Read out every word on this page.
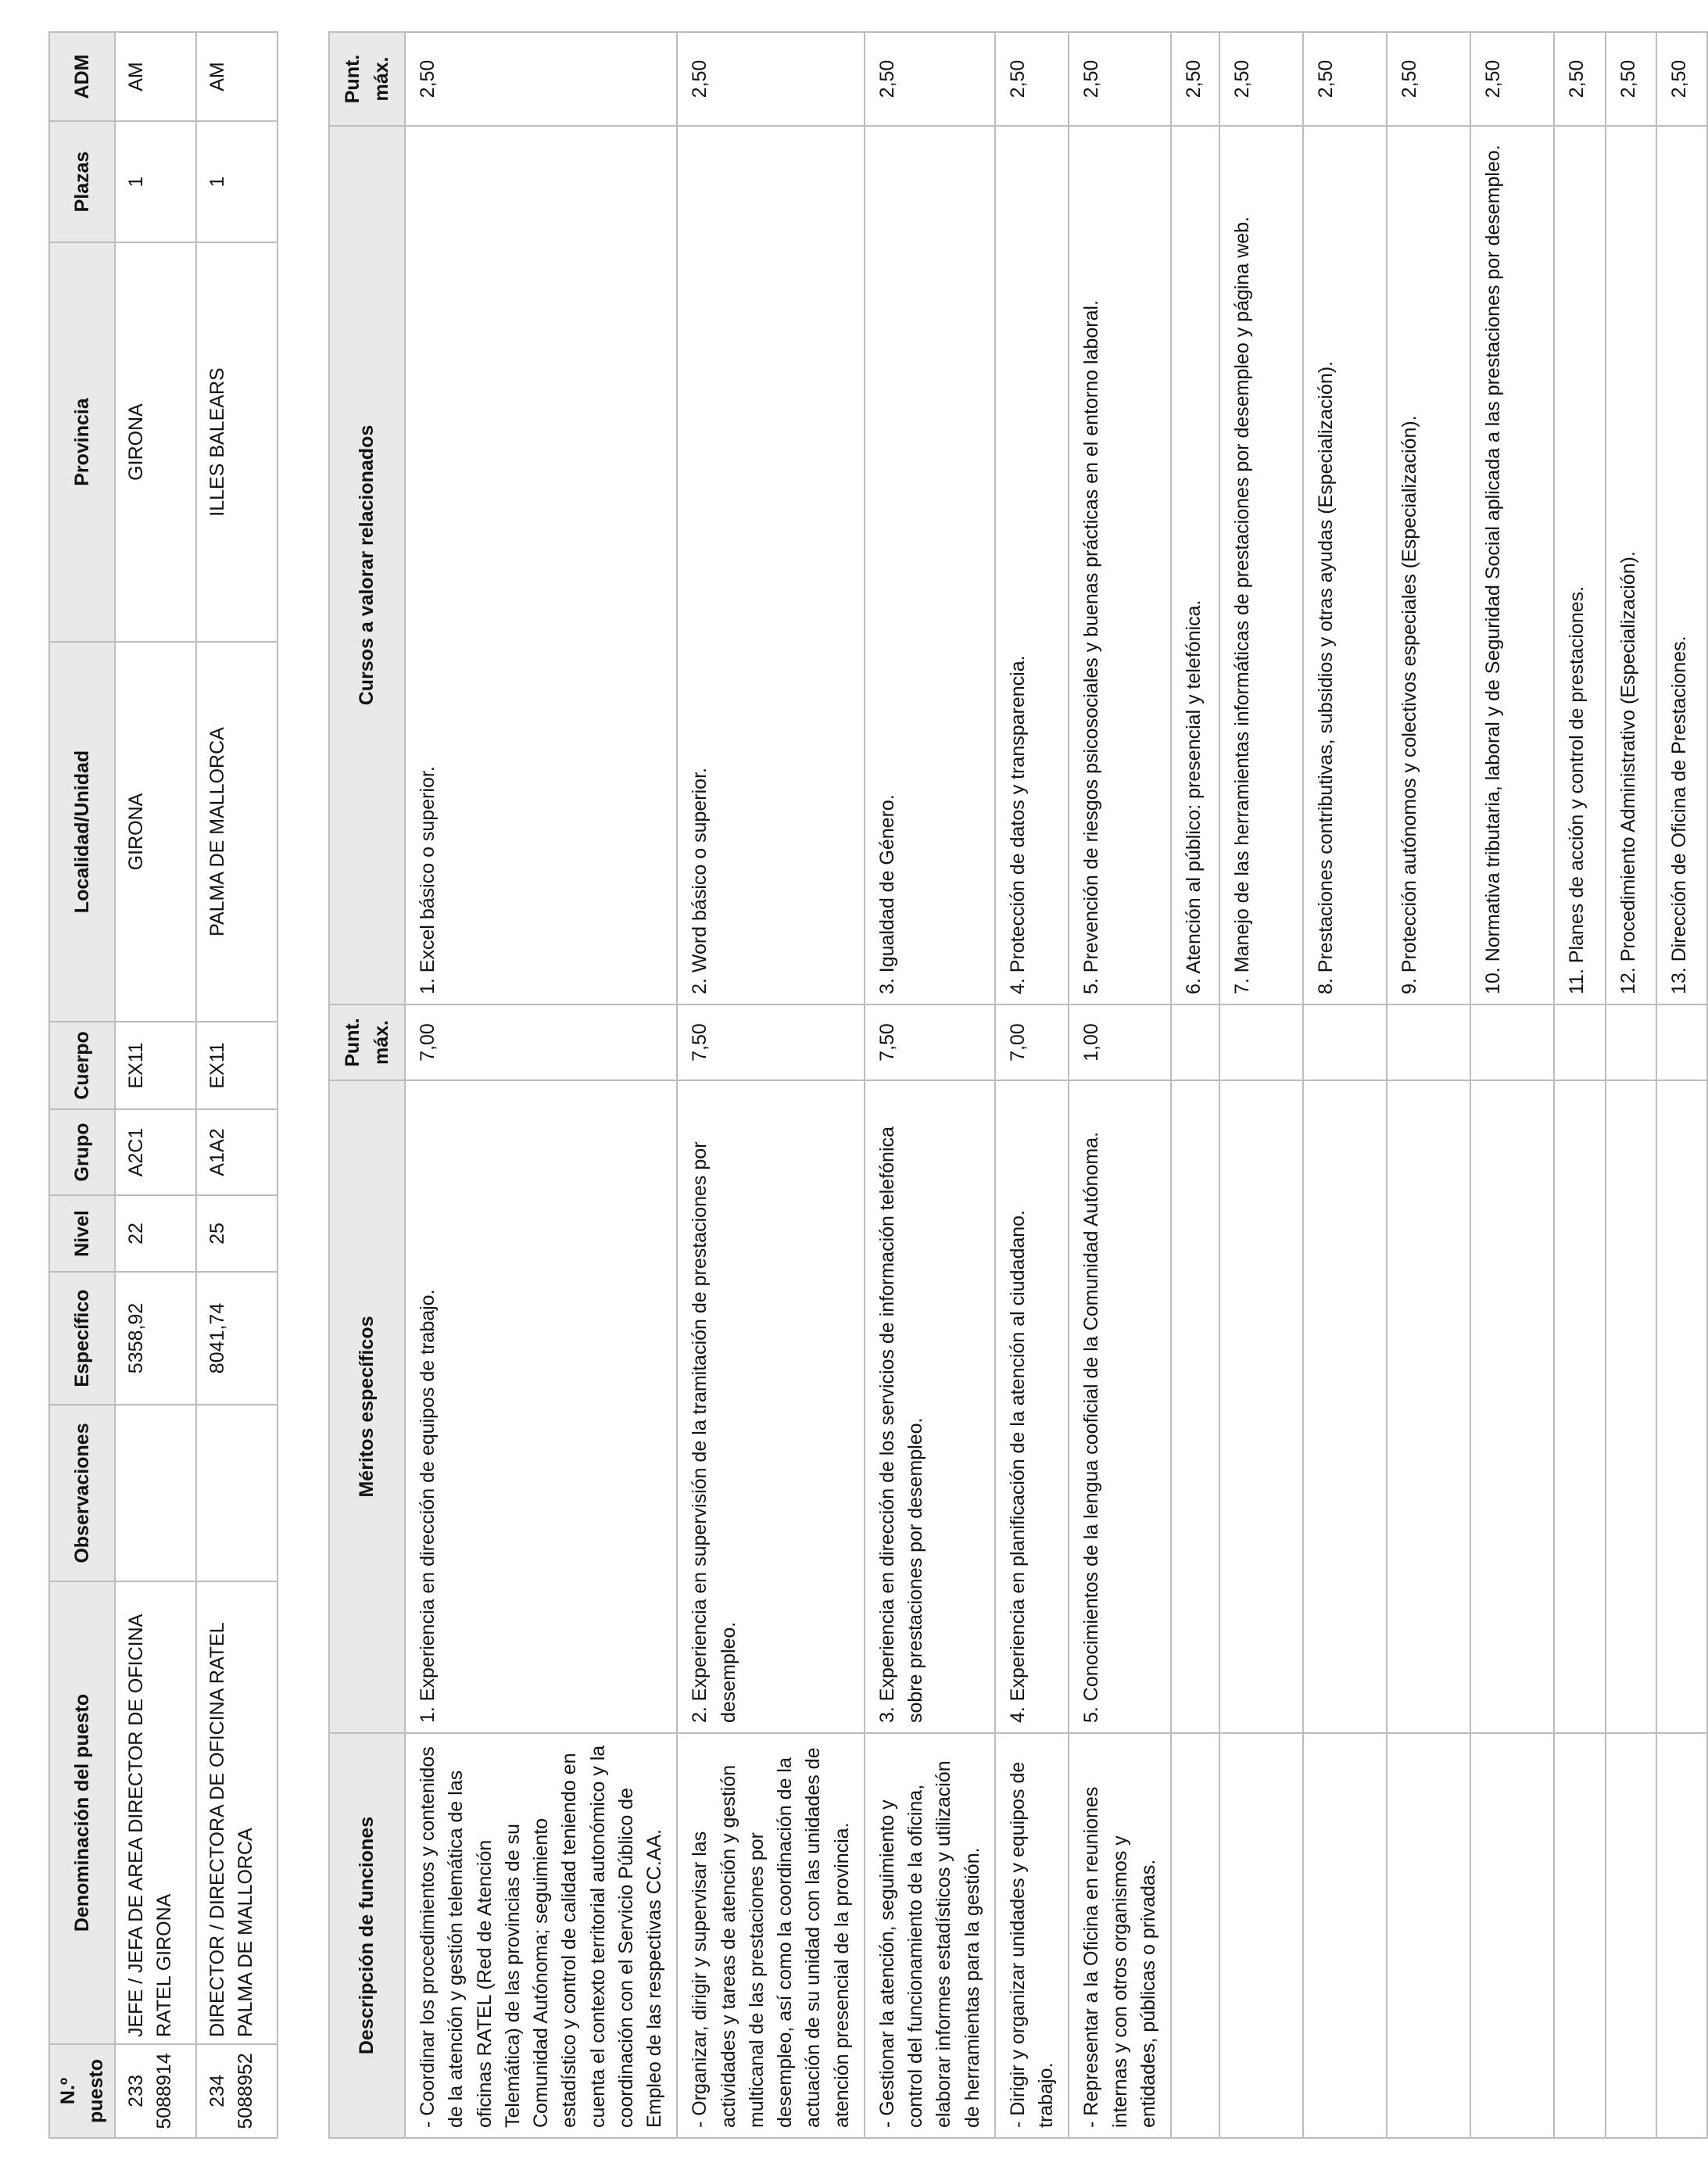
N.º puesto	Denominación del puesto	Observaciones	Específico	Nivel	Grupo	Cuerpo	Localidad/Unidad	Provincia	Plazas	ADM
233 5088914	JEFE / JEFA DE AREA DIRECTOR DE OFICINA RATEL GIRONA		5358,92	22	A2C1	EX11	GIRONA	GIRONA	1	AM
234 5088952	DIRECTOR / DIRECTORA DE OFICINA RATEL PALMA DE MALLORCA		8041,74	25	A1A2	EX11	PALMA DE MALLORCA	ILLES BALEARS	1	AM
Descripción de funciones	Méritos específicos	Punt. máx.	Cursos a valorar relacionados	Punt. máx.
- Coordinar los procedimientos y contenidos de la atención y gestión telemática de las oficinas RATEL (Red de Atención Telemática) de las provincias de su Comunidad Autónoma; seguimiento estadístico y control de calidad teniendo en cuenta el contexto territorial autonómico y la coordinación con el Servicio Público de Empleo de las respectivas CC.AA.	1. Experiencia en dirección de equipos de trabajo.	7,00	1. Excel básico o superior.	2,50
- Organizar, dirigir y supervisar las actividades y tareas de atención y gestión multicanal de las prestaciones por desempleo, así como la coordinación de la actuación de su unidad con las unidades de atención presencial de la provincia.	2. Experiencia en supervisión de la tramitación de prestaciones por desempleo.	7,50	2. Word básico o superior.	2,50
- Gestionar la atención, seguimiento y control del funcionamiento de la oficina, elaborar informes estadísticos y utilización de herramientas para la gestión.	3. Experiencia en dirección de los servicios de información telefónica sobre prestaciones por desempleo.	7,50	3. Igualdad de Género.	2,50
- Dirigir y organizar unidades y equipos de trabajo.	4. Experiencia en planificación de la atención al ciudadano.	7,00	4. Protección de datos y transparencia.	2,50
- Representar a la Oficina en reuniones internas y con otros organismos y entidades, públicas o privadas.	5. Conocimientos de la lengua cooficial de la Comunidad Autónoma.	1,00	5. Prevención de riesgos psicosociales y buenas prácticas en el entorno laboral.	2,50
			6. Atención al público: presencial y telefónica.	2,50
			7. Manejo de las herramientas informáticas de prestaciones por desempleo y página web.	2,50
			8. Prestaciones contributivas, subsidios y otras ayudas (Especialización).	2,50
			9. Protección autónomos y colectivos especiales (Especialización).	2,50
			10. Normativa tributaria, laboral y de Seguridad Social aplicada a las prestaciones por desempleo.	2,50
			11. Planes de acción y control de prestaciones.	2,50
			12. Procedimiento Administrativo (Especialización).	2,50
			13. Dirección de Oficina de Prestaciones.	2,50
